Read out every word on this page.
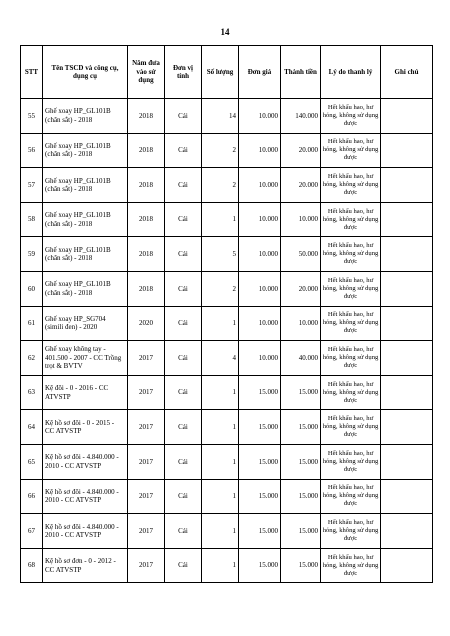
14
STT	Tên TSCD và công cụ, dụng cụ	Năm đưa vào sử dụng	Đơn vị tính	Số lượng	Đơn giá	Thành tiền	Lý do thanh lý	Ghi chú
55	Ghế xoay HP_GL101B (chân sắt) - 2018	2018	Cái	14	10.000	140.000	Hết khấu hao, hư hỏng, không sử dụng được	
56	Ghế xoay HP_GL101B (chân sắt) - 2018	2018	Cái	2	10.000	20.000	Hết khấu hao, hư hỏng, không sử dụng được	
57	Ghế xoay HP_GL101B (chân sắt) - 2018	2018	Cái	2	10.000	20.000	Hết khấu hao, hư hỏng, không sử dụng được	
58	Ghế xoay HP_GL101B (chân sắt) - 2018	2018	Cái	1	10.000	10.000	Hết khấu hao, hư hỏng, không sử dụng được	
59	Ghế xoay HP_GL101B (chân sắt) - 2018	2018	Cái	5	10.000	50.000	Hết khấu hao, hư hỏng, không sử dụng được	
60	Ghế xoay HP_GL101B (chân sắt) - 2018	2018	Cái	2	10.000	20.000	Hết khấu hao, hư hỏng, không sử dụng được	
61	Ghế xoay HP_SG704 (simili đen) - 2020	2020	Cái	1	10.000	10.000	Hết khấu hao, hư hỏng, không sử dụng được	
62	Ghế xoay không tay - 401.500 - 2007 - CC Trồng trọt & BVTV	2017	Cái	4	10.000	40.000	Hết khấu hao, hư hỏng, không sử dụng được	
63	Kệ đôi - 0 - 2016 - CC ATVSTP	2017	Cái	1	15.000	15.000	Hết khấu hao, hư hỏng, không sử dụng được	
64	Kệ hồ sơ đôi - 0 - 2015 - CC ATVSTP	2017	Cái	1	15.000	15.000	Hết khấu hao, hư hỏng, không sử dụng được	
65	Kệ hồ sơ đôi - 4.840.000 - 2010 - CC ATVSTP	2017	Cái	1	15.000	15.000	Hết khấu hao, hư hỏng, không sử dụng được	
66	Kệ hồ sơ đôi - 4.840.000 - 2010 - CC ATVSTP	2017	Cái	1	15.000	15.000	Hết khấu hao, hư hỏng, không sử dụng được	
67	Kệ hồ sơ đôi - 4.840.000 - 2010 - CC ATVSTP	2017	Cái	1	15.000	15.000	Hết khấu hao, hư hỏng, không sử dụng được	
68	Kệ hồ sơ đơn - 0 - 2012 - CC ATVSTP	2017	Cái	1	15.000	15.000	Hết khấu hao, hư hỏng, không sử dụng được	
